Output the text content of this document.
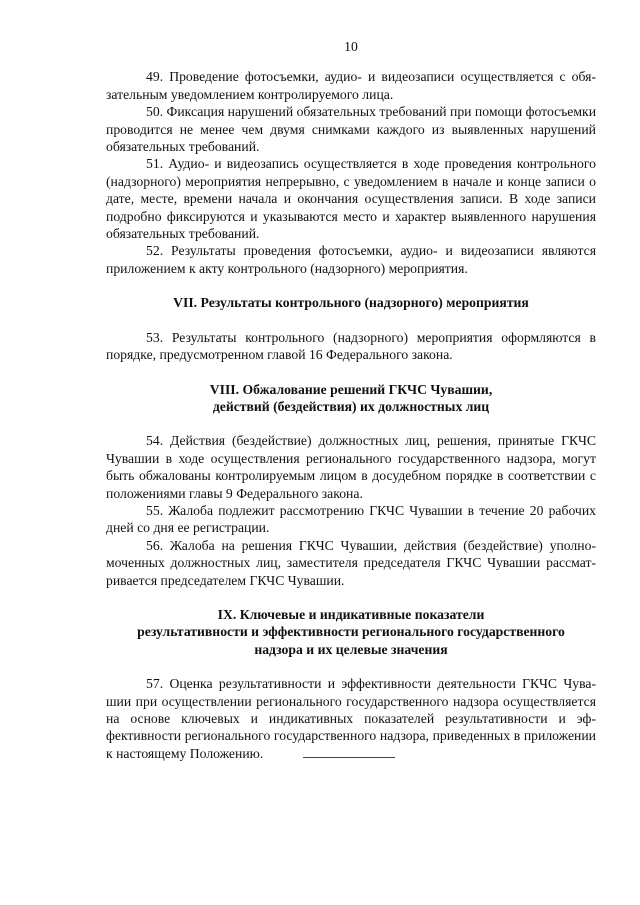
10

49. Проведение фотосъемки, аудио- и видеозаписи осуществляется с обязательным уведомлением контролируемого лица.

50. Фиксация нарушений обязательных требований при помощи фотосъемки проводится не менее чем двумя снимками каждого из выявленных нарушений обязательных требований.

51. Аудио- и видеозапись осуществляется в ходе проведения контрольного (надзорного) мероприятия непрерывно, с уведомлением в начале и конце записи о дате, месте, времени начала и окончания осуществления записи. В ходе записи подробно фиксируются и указываются место и характер выявленного нарушения обязательных требований.

52. Результаты проведения фотосъемки, аудио- и видеозаписи являются приложением к акту контрольного (надзорного) мероприятия.

VII. Результаты контрольного (надзорного) мероприятия

53. Результаты контрольного (надзорного) мероприятия оформляются в порядке, предусмотренном главой 16 Федерального закона.

VIII. Обжалование решений ГКЧС Чувашии,
действий (бездействия) их должностных лиц

54. Действия (бездействие) должностных лиц, решения, принятые ГКЧС Чувашии в ходе осуществления регионального государственного надзора, могут быть обжалованы контролируемым лицом в досудебном порядке в соответствии с положениями главы 9 Федерального закона.

55. Жалоба подлежит рассмотрению ГКЧС Чувашии в течение 20 рабочих дней со дня ее регистрации.

56. Жалоба на решения ГКЧС Чувашии, действия (бездействие) уполномоченных должностных лиц, заместителя председателя ГКЧС Чувашии рассматривается председателем ГКЧС Чувашии.

IX. Ключевые и индикативные показатели
результативности и эффективности регионального государственного
надзора и их целевые значения

57. Оценка результативности и эффективности деятельности ГКЧС Чувашии при осуществлении регионального государственного надзора осуществляется на основе ключевых и индикативных показателей результативности и эффективности регионального государственного надзора, приведенных в приложении к настоящему Положению.
